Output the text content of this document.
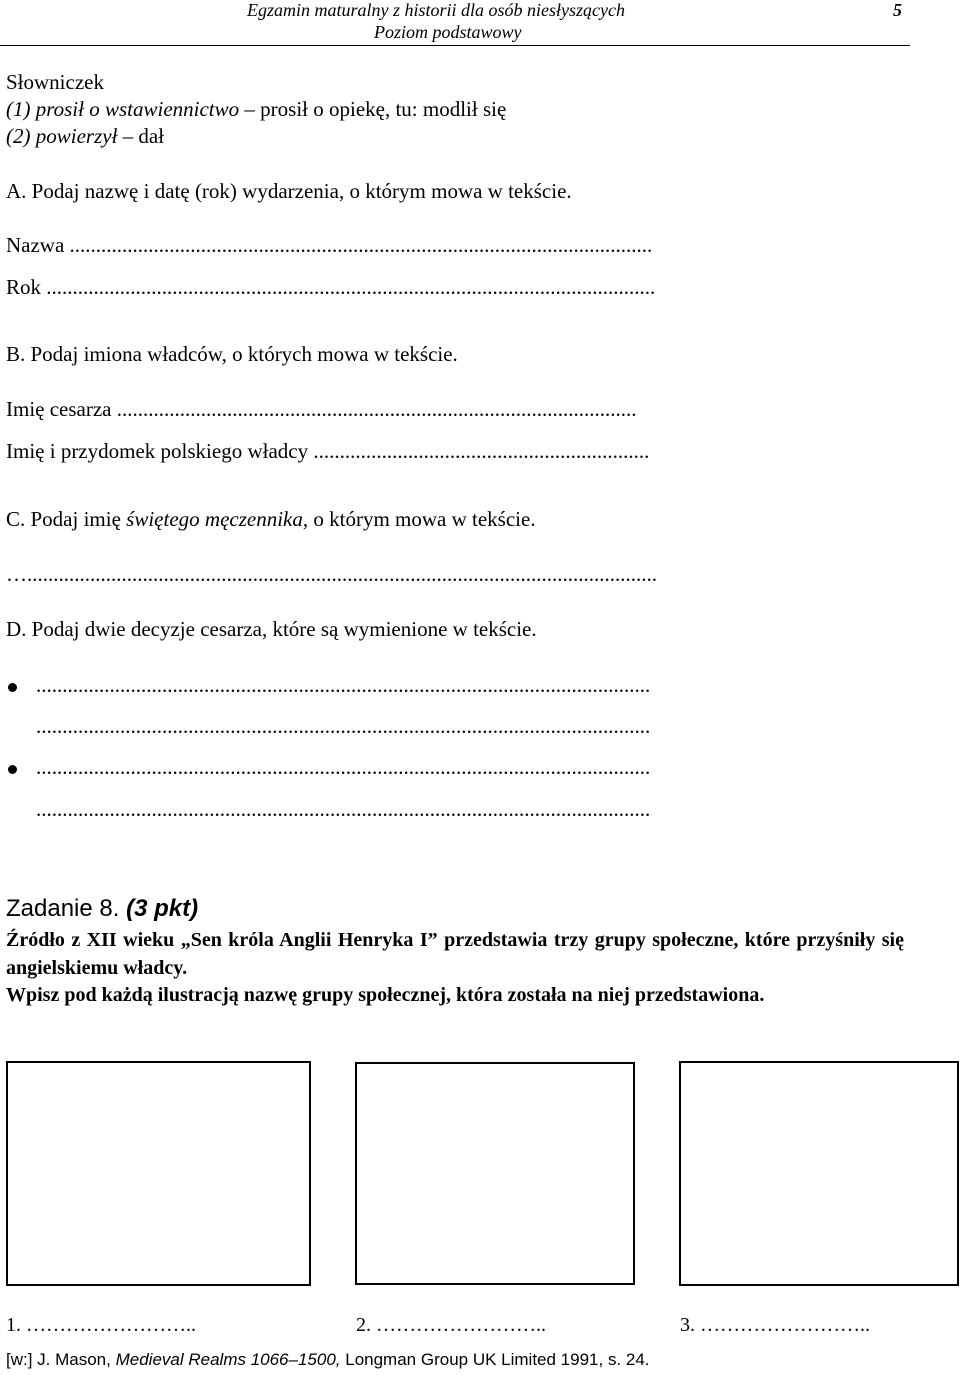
Egzamin maturalny z historii dla osób niesłyszących
Poziom podstawowy
5
Słowniczek
(1) prosił o wstawiennictwo – prosił o opiekę, tu: modlił się
(2) powierzył – dał
A. Podaj nazwę i datę (rok) wydarzenia, o którym mowa w tekście.
Nazwa ...............................................................................................................
Rok ....................................................................................................................
B. Podaj imiona władców, o których mowa w tekście.
Imię cesarza ...................................................................................................
Imię i przydomek polskiego władcy ................................................................
C. Podaj imię świętego męczennika, o którym mowa w tekście.
…........................................................................................................................
D. Podaj dwie decyzje cesarza, które są wymienione w tekście.
.....................................................................................................................
.....................................................................................................................
.....................................................................................................................
.....................................................................................................................
Zadanie 8. (3 pkt)
Źródło z XII wieku „Sen króla Anglii Henryka I” przedstawia trzy grupy społeczne, które przyśniły się angielskiemu władcy.
Wpisz pod każdą ilustracją nazwę grupy społecznej, która została na niej przedstawiona.
1. ……………………..	2. ……………………..	3. ……………………..
[w:] J. Mason, Medieval Realms 1066–1500, Longman Group UK Limited 1991, s. 24.
